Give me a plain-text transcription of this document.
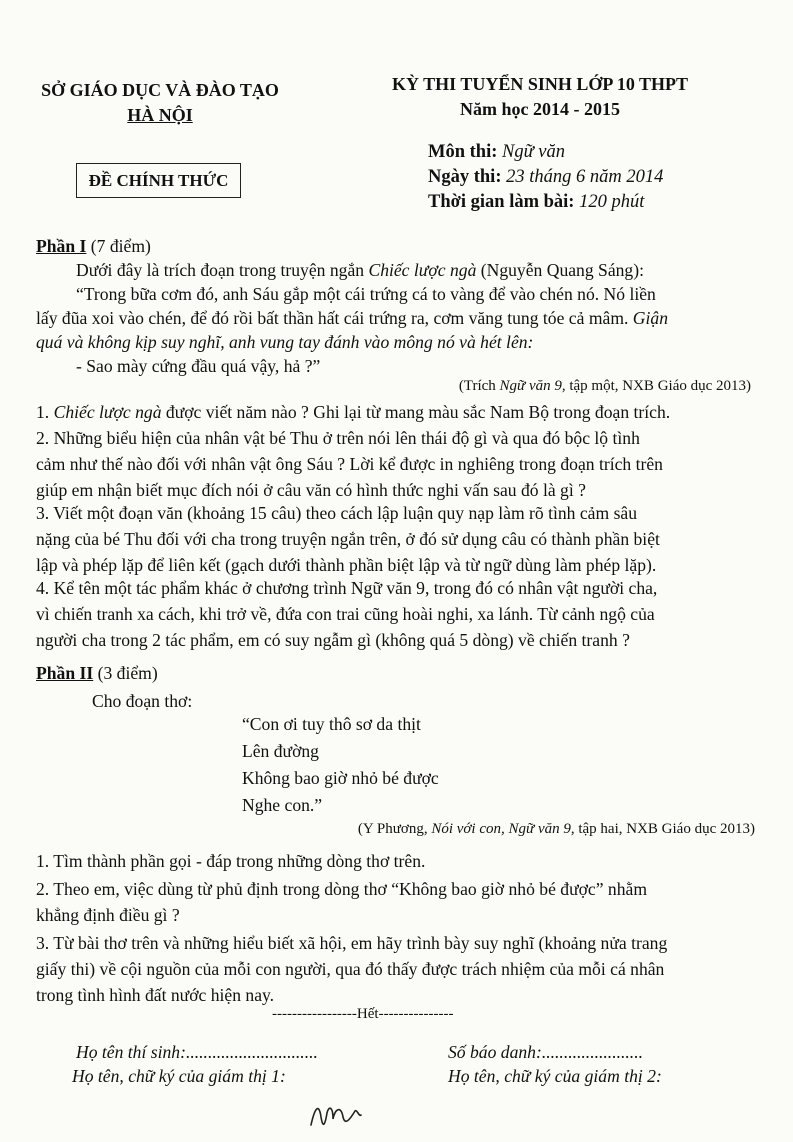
SỞ GIÁO DỤC VÀ ĐÀO TẠO
HÀ NỘI
ĐỀ CHÍNH THỨC
KỲ THI TUYỂN SINH LỚP 10 THPT
Năm học 2014 - 2015
Môn thi: Ngữ văn
Ngày thi: 23 tháng 6 năm 2014
Thời gian làm bài: 120 phút
Phần I (7 điểm)
Dưới đây là trích đoạn trong truyện ngắn Chiếc lược ngà (Nguyễn Quang Sáng):
“Trong bữa cơm đó, anh Sáu gắp một cái trứng cá to vàng để vào chén nó. Nó liền
lấy đũa xoi vào chén, để đó rồi bất thần hất cái trứng ra, cơm văng tung tóe cả mâm. Giận
quá và không kịp suy nghĩ, anh vung tay đánh vào mông nó và hét lên:
- Sao mày cứng đầu quá vậy, hả ?”
(Trích Ngữ văn 9, tập một, NXB Giáo dục 2013)
1. Chiếc lược ngà được viết năm nào ? Ghi lại từ mang màu sắc Nam Bộ trong đoạn trích.
2. Những biểu hiện của nhân vật bé Thu ở trên nói lên thái độ gì và qua đó bộc lộ tình
cảm như thế nào đối với nhân vật ông Sáu ? Lời kể được in nghiêng trong đoạn trích trên
giúp em nhận biết mục đích nói ở câu văn có hình thức nghi vấn sau đó là gì ?
3. Viết một đoạn văn (khoảng 15 câu) theo cách lập luận quy nạp làm rõ tình cảm sâu
nặng của bé Thu đối với cha trong truyện ngắn trên, ở đó sử dụng câu có thành phần biệt
lập và phép lặp để liên kết (gạch dưới thành phần biệt lập và từ ngữ dùng làm phép lặp).
4. Kể tên một tác phẩm khác ở chương trình Ngữ văn 9, trong đó có nhân vật người cha,
vì chiến tranh xa cách, khi trở về, đứa con trai cũng hoài nghi, xa lánh. Từ cảnh ngộ của
người cha trong 2 tác phẩm, em có suy ngẫm gì (không quá 5 dòng) về chiến tranh ?
Phần II (3 điểm)
Cho đoạn thơ:
“Con ơi tuy thô sơ da thịt
Lên đường
Không bao giờ nhỏ bé được
Nghe con.”
(Y Phương, Nói với con, Ngữ văn 9, tập hai, NXB Giáo dục 2013)
1. Tìm thành phần gọi - đáp trong những dòng thơ trên.
2. Theo em, việc dùng từ phủ định trong dòng thơ “Không bao giờ nhỏ bé được” nhằm
khẳng định điều gì ?
3. Từ bài thơ trên và những hiểu biết xã hội, em hãy trình bày suy nghĩ (khoảng nửa trang
giấy thi) về cội nguồn của mỗi con người, qua đó thấy được trách nhiệm của mỗi cá nhân
trong tình hình đất nước hiện nay.
-----------------Hết---------------
Họ tên thí sinh:..............................	Số báo danh:.......................
Họ tên, chữ ký của giám thị 1:	Họ tên, chữ ký của giám thị 2:
